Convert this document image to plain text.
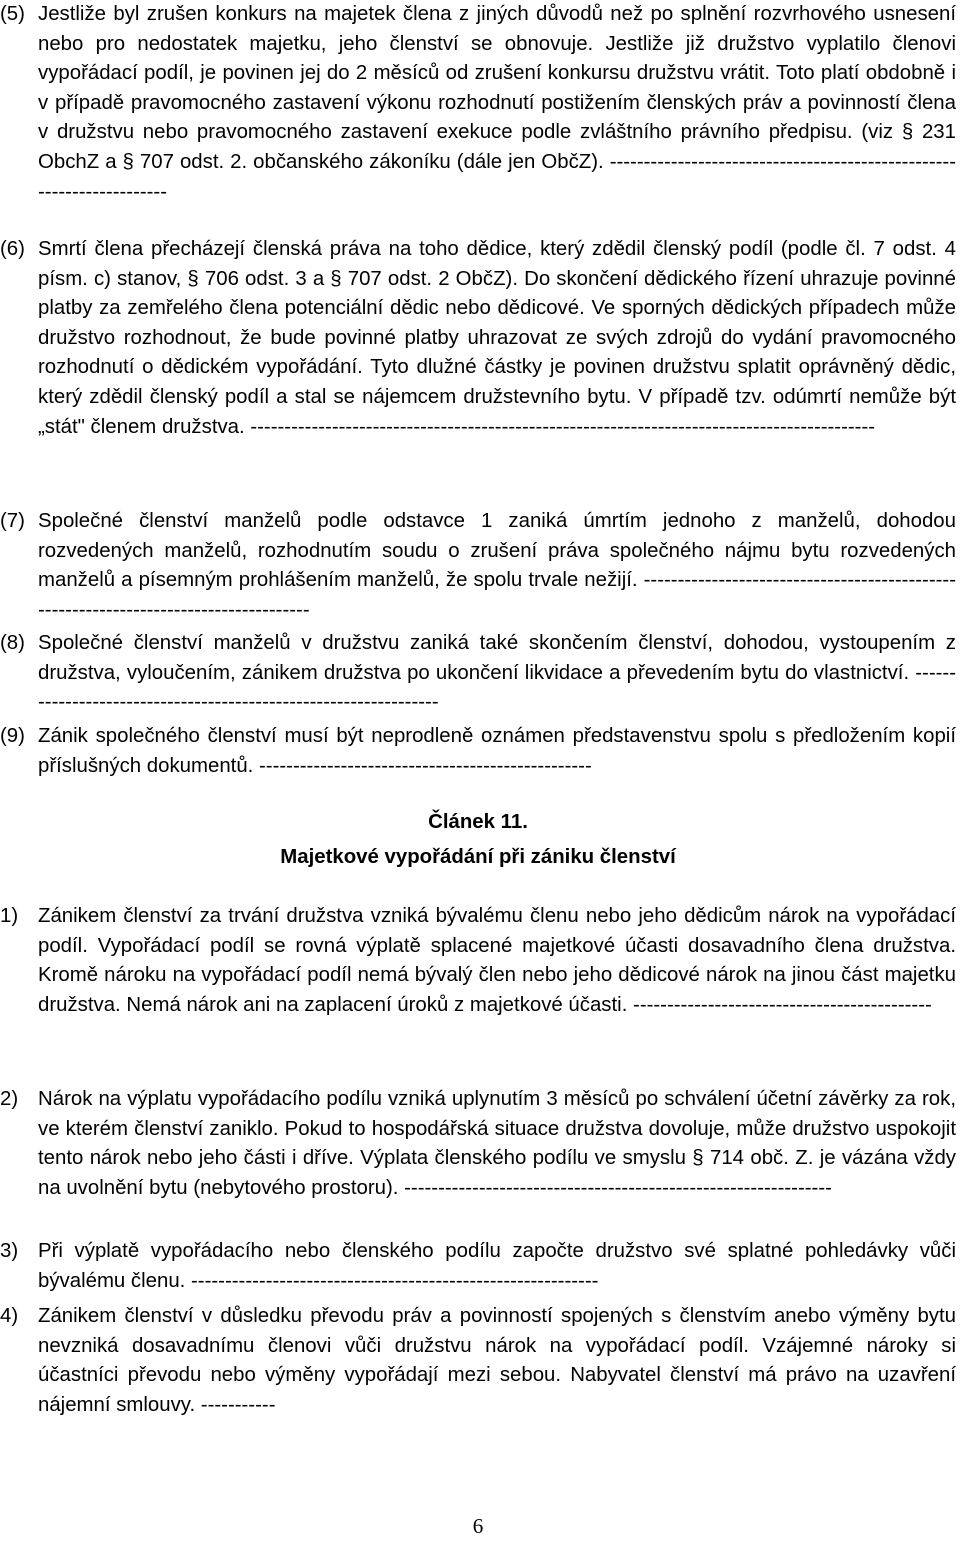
(5) Jestliže byl zrušen konkurs na majetek člena z jiných důvodů než po splnění rozvrhového usnesení nebo pro nedostatek majetku, jeho členství se obnovuje. Jestliže již družstvo vyplatilo členovi vypořádací podíl, je povinen jej do 2 měsíců od zrušení konkursu družstvu vrátit. Toto platí obdobně i v případě pravomocného zastavení výkonu rozhodnutí postižením členských práv a povinností člena v družstvu nebo pravomocného zastavení exekuce podle zvláštního právního předpisu. (viz § 231 ObchZ a § 707 odst. 2. občanského zákoníku (dále jen ObčZ). ----------------------------------------------------------------------
(6) Smrtí člena přecházejí členská práva na toho dědice, který zdědil členský podíl (podle čl. 7 odst. 4 písm. c) stanov, § 706 odst. 3 a § 707 odst. 2 ObčZ). Do skončení dědického řízení uhrazuje povinné platby za zemřelého člena potenciální dědic nebo dědicové. Ve sporných dědických případech může družstvo rozhodnout, že bude povinné platby uhrazovat ze svých zdrojů do vydání pravomocného rozhodnutí o dědickém vypořádání. Tyto dlužné částky je povinen družstvu splatit oprávněný dědic, který zdědil členský podíl a stal se nájemcem družstevního bytu. V případě tzv. odúmrtí nemůže být „stát" členem družstva. --------------------------------------------------------------------------------------------
(7) Společné členství manželů podle odstavce 1 zaniká úmrtím jednoho z manželů, dohodou rozvedených manželů, rozhodnutím soudu o zrušení práva společného nájmu bytu rozvedených manželů a písemným prohlášením manželů, že spolu trvale nežijí. --------------------------------------------------------------------------------------
(8) Společné členství manželů v družstvu zaniká také skončením členství, dohodou, vystoupením z družstva, vyloučením, zánikem družstva po ukončení likvidace a převedením bytu do vlastnictví. -----------------------------------------------------------------
(9) Zánik společného členství musí být neprodleně oznámen představenstvu spolu s předložením kopií příslušných dokumentů. -------------------------------------------------
Článek 11.
Majetkové vypořádání při zániku členství
1) Zánikem členství za trvání družstva vzniká bývalému členu nebo jeho dědicům nárok na vypořádací podíl. Vypořádací podíl se rovná výplatě splacené majetkové účasti dosavadního člena družstva. Kromě nároku na vypořádací podíl nemá bývalý člen nebo jeho dědicové nárok na jinou část majetku družstva. Nemá nárok ani na zaplacení úroků z majetkové účasti. --------------------------------------------
2) Nárok na výplatu vypořádacího podílu vzniká uplynutím 3 měsíců po schválení účetní závěrky za rok, ve kterém členství zaniklo. Pokud to hospodářská situace družstva dovoluje, může družstvo uspokojit tento nárok nebo jeho části i dříve. Výplata členského podílu ve smyslu § 714 obč. Z. je vázána vždy na uvolnění bytu (nebytového prostoru). ---------------------------------------------------------------
3) Při výplatě vypořádacího nebo členského podílu započte družstvo své splatné pohledávky vůči bývalému členu. ------------------------------------------------------------
4) Zánikem členství v důsledku převodu práv a povinností spojených s členstvím anebo výměny bytu nevzniká dosavadnímu členovi vůči družstvu nárok na vypořádací podíl. Vzájemné nároky si účastníci převodu nebo výměny vypořádají mezi sebou. Nabyvatel členství má právo na uzavření nájemní smlouvy. -----------
6
